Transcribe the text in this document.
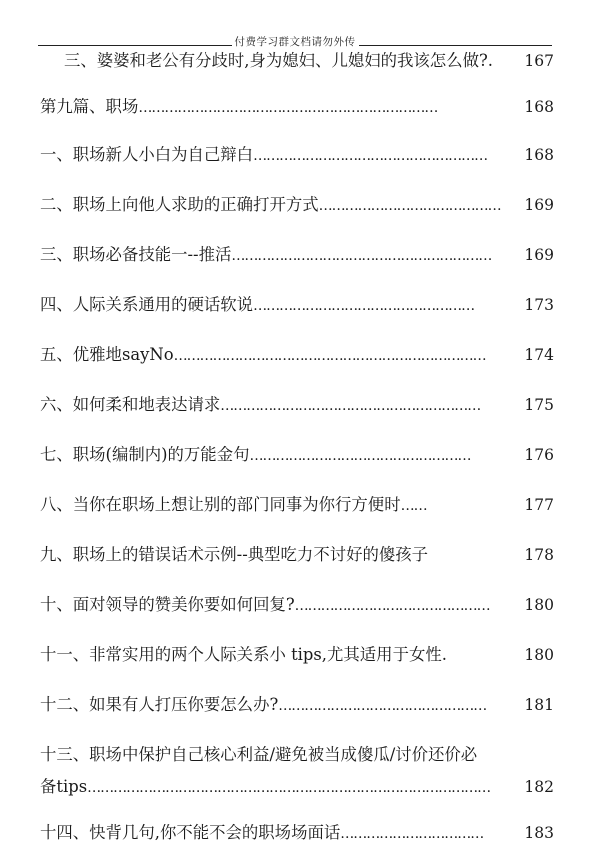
付费学习群文档请勿外传
三、婆婆和老公有分歧时,身为媳妇、儿媳妇的我该怎么做?.	167
第九篇、职场 ……………………………………………………………	168
一、职场新人小白为自己辩白 ………………………………………………	168
二、职场上向他人求助的正确打开方式 ……………………………………	169
三、职场必备技能一--推活 ……………………………………………………	169
四、人际关系通用的硬话软说 ……………………………………………	173
五、优雅地sayNo ………………………………………………………………	174
六、如何柔和地表达请求 ……………………………………………………	175
七、职场(编制内)的万能金句 ……………………………………………	176
八、当你在职场上想让别的部门同事为你行方便时 ……	177
九、职场上的错误话术示例--典型吃力不讨好的傻孩子	178
十、面对领导的赞美你要如何回复? ………………………………………	180
十一、非常实用的两个人际关系小 tips,尤其适用于女性.	180
十二、如果有人打压你要怎么办? …………………………………………	181
十三、职场中保护自己核心利益/避免被当成傻瓜/讨价还价必
备tips …………………………………………………………………………………	182
十四、快背几句,你不能不会的职场场面话 ……………………………	183
